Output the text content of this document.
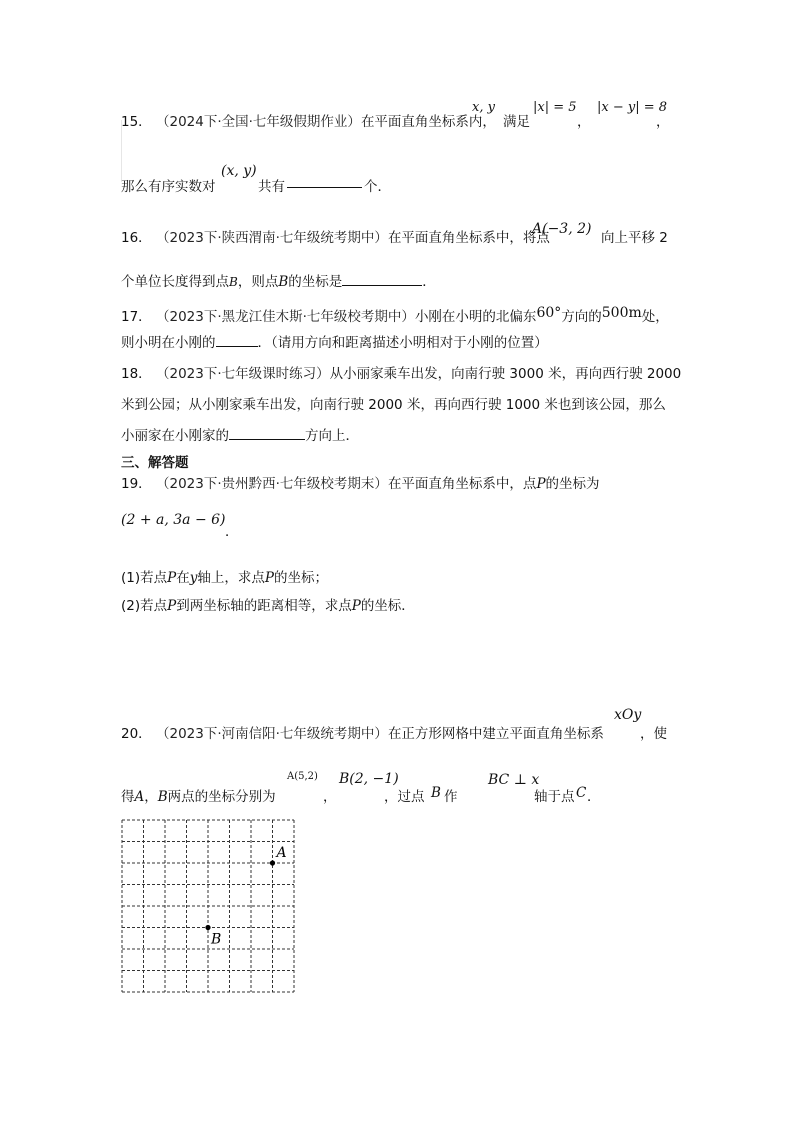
15． （2024下·全国·七年级假期作业）在平面直角坐标系内，
x, y
满足
|x| = 5
，
|x − y| = 8
，
那么有序实数对
(x, y)
共有	个．
16． （2023下·陕西渭南·七年级统考期中）在平面直角坐标系中，将点
A(−3, 2)
向上平移 2
个单位长度得到点B，则点B的坐标是	．
17． （2023下·黑龙江佳木斯·七年级校考期中）小刚在小明的北偏东60°方向的500m处，
则小明在小刚的	．（请用方向和距离描述小明相对于小刚的位置）
18． （2023下·七年级课时练习）从小丽家乘车出发，向南行驶 3000 米，再向西行驶 2000
米到公园；从小刚家乘车出发，向南行驶 2000 米，再向西行驶 1000 米也到该公园，那么
小丽家在小刚家的	方向上．
三、解答题
19． （2023下·贵州黔西·七年级校考期末）在平面直角坐标系中，点P的坐标为
(2 + a, 3a − 6)
．
(1)若点P在y轴上，求点P的坐标；
(2)若点P到两坐标轴的距离相等，求点P的坐标．
20． （2023下·河南信阳·七年级统考期中）在正方形网格中建立平面直角坐标系
xOy
，使
得A，B两点的坐标分别为
A(5,2)
，
B(2, −1)
，过点 B 作
BC ⊥ x
轴于点 C ．
A
B
